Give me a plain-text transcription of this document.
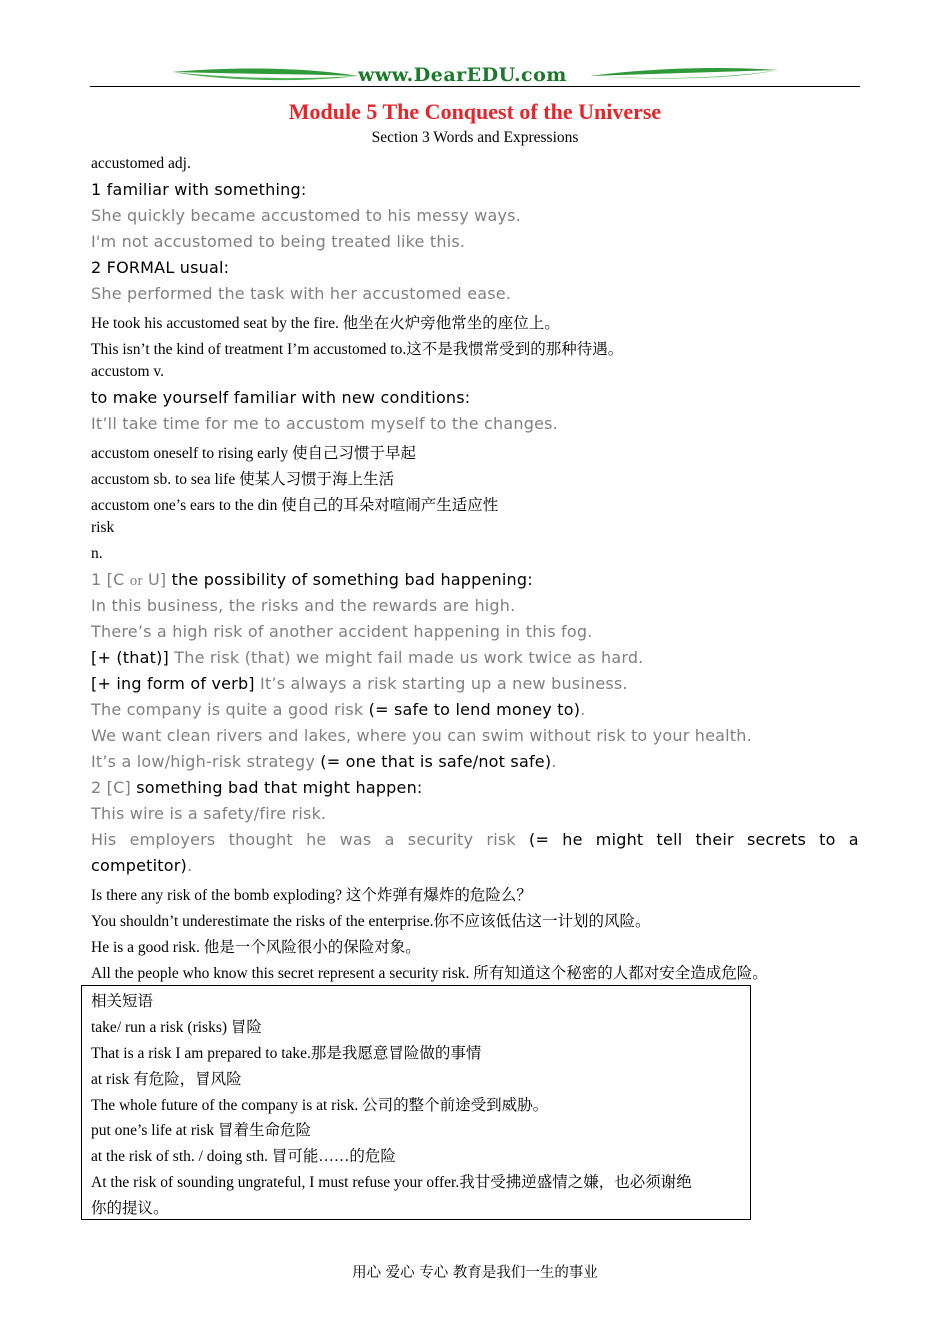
www.DearEDU.com
Module 5 The Conquest of the Universe
Section 3 Words and Expressions
accustomed adj.
1 familiar with something:
She quickly became accustomed to his messy ways.
I'm not accustomed to being treated like this.
2 FORMAL usual:
She performed the task with her accustomed ease.
He took his accustomed seat by the fire. 他坐在火炉旁他常坐的座位上。
This isn’t the kind of treatment I’m accustomed to.这不是我惯常受到的那种待遇。
accustom v.
to make yourself familiar with new conditions:
It’ll take time for me to accustom myself to the changes.
accustom oneself to rising early 使自己习惯于早起
accustom sb. to sea life 使某人习惯于海上生活
accustom one’s ears to the din 使自己的耳朵对喧闹产生适应性
risk
n.
1 [C or U] the possibility of something bad happening:
In this business, the risks and the rewards are high.
There’s a high risk of another accident happening in this fog.
[+ (that)] The risk (that) we might fail made us work twice as hard.
[+ ing form of verb] It’s always a risk starting up a new business.
The company is quite a good risk (= safe to lend money to).
We want clean rivers and lakes, where you can swim without risk to your health.
It’s a low/high-risk strategy (= one that is safe/not safe).
2 [C] something bad that might happen:
This wire is a safety/fire risk.
His employers thought he was a security risk (= he might tell their secrets to a
competitor).
Is there any risk of the bomb exploding? 这个炸弹有爆炸的危险么？
You shouldn’t underestimate the risks of the enterprise.你不应该低估这一计划的风险。
He is a good risk. 他是一个风险很小的保险对象。
All the people who know this secret represent a security risk. 所有知道这个秘密的人都对安全造成危险。
相关短语
take/ run a risk (risks) 冒险
That is a risk I am prepared to take.那是我愿意冒险做的事情
at risk 有危险，冒风险
The whole future of the company is at risk. 公司的整个前途受到威胁。
put one’s life at risk 冒着生命危险
at the risk of sth. / doing sth. 冒可能……的危险
At the risk of sounding ungrateful, I must refuse your offer.我甘受拂逆盛情之嫌，也必须谢绝
你的提议。
用心 爱心 专心 教育是我们一生的事业
